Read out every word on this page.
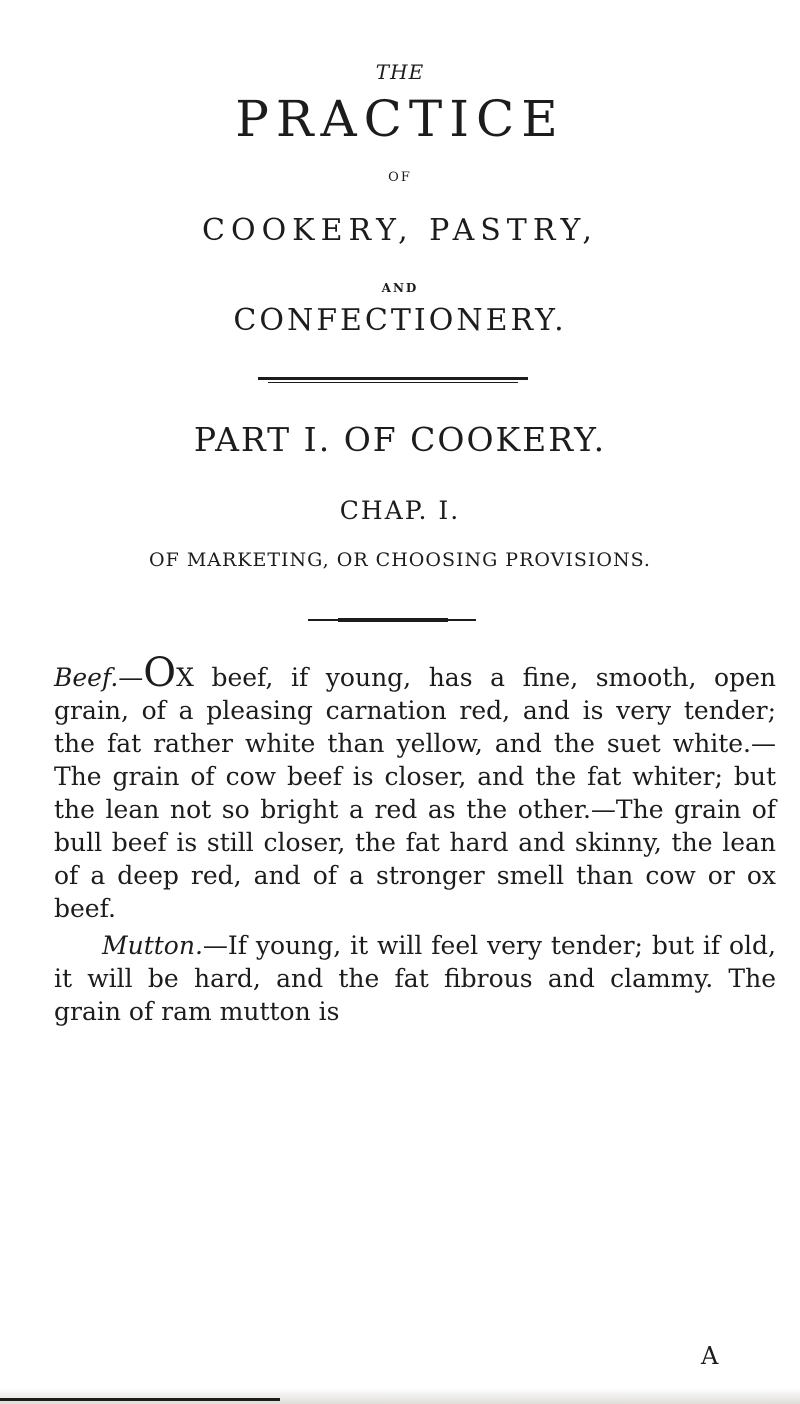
THE
PRACTICE
OF
COOKERY, PASTRY,
AND
CONFECTIONERY.
PART I. OF COOKERY.
CHAP. I.
OF MARKETING, OR CHOOSING PROVISIONS.

Beef.—OX beef, if young, has a fine, smooth, open grain, of a pleasing carnation red, and is very tender; the fat rather white than yellow, and the suet white.—The grain of cow beef is closer, and the fat whiter; but the lean not so bright a red as the other.—The grain of bull beef is still closer, the fat hard and skinny, the lean of a deep red, and of a stronger smell than cow or ox beef.

Mutton.—If young, it will feel very tender; but if old, it will be hard, and the fat fibrous and clammy. The grain of ram mutton is

A
